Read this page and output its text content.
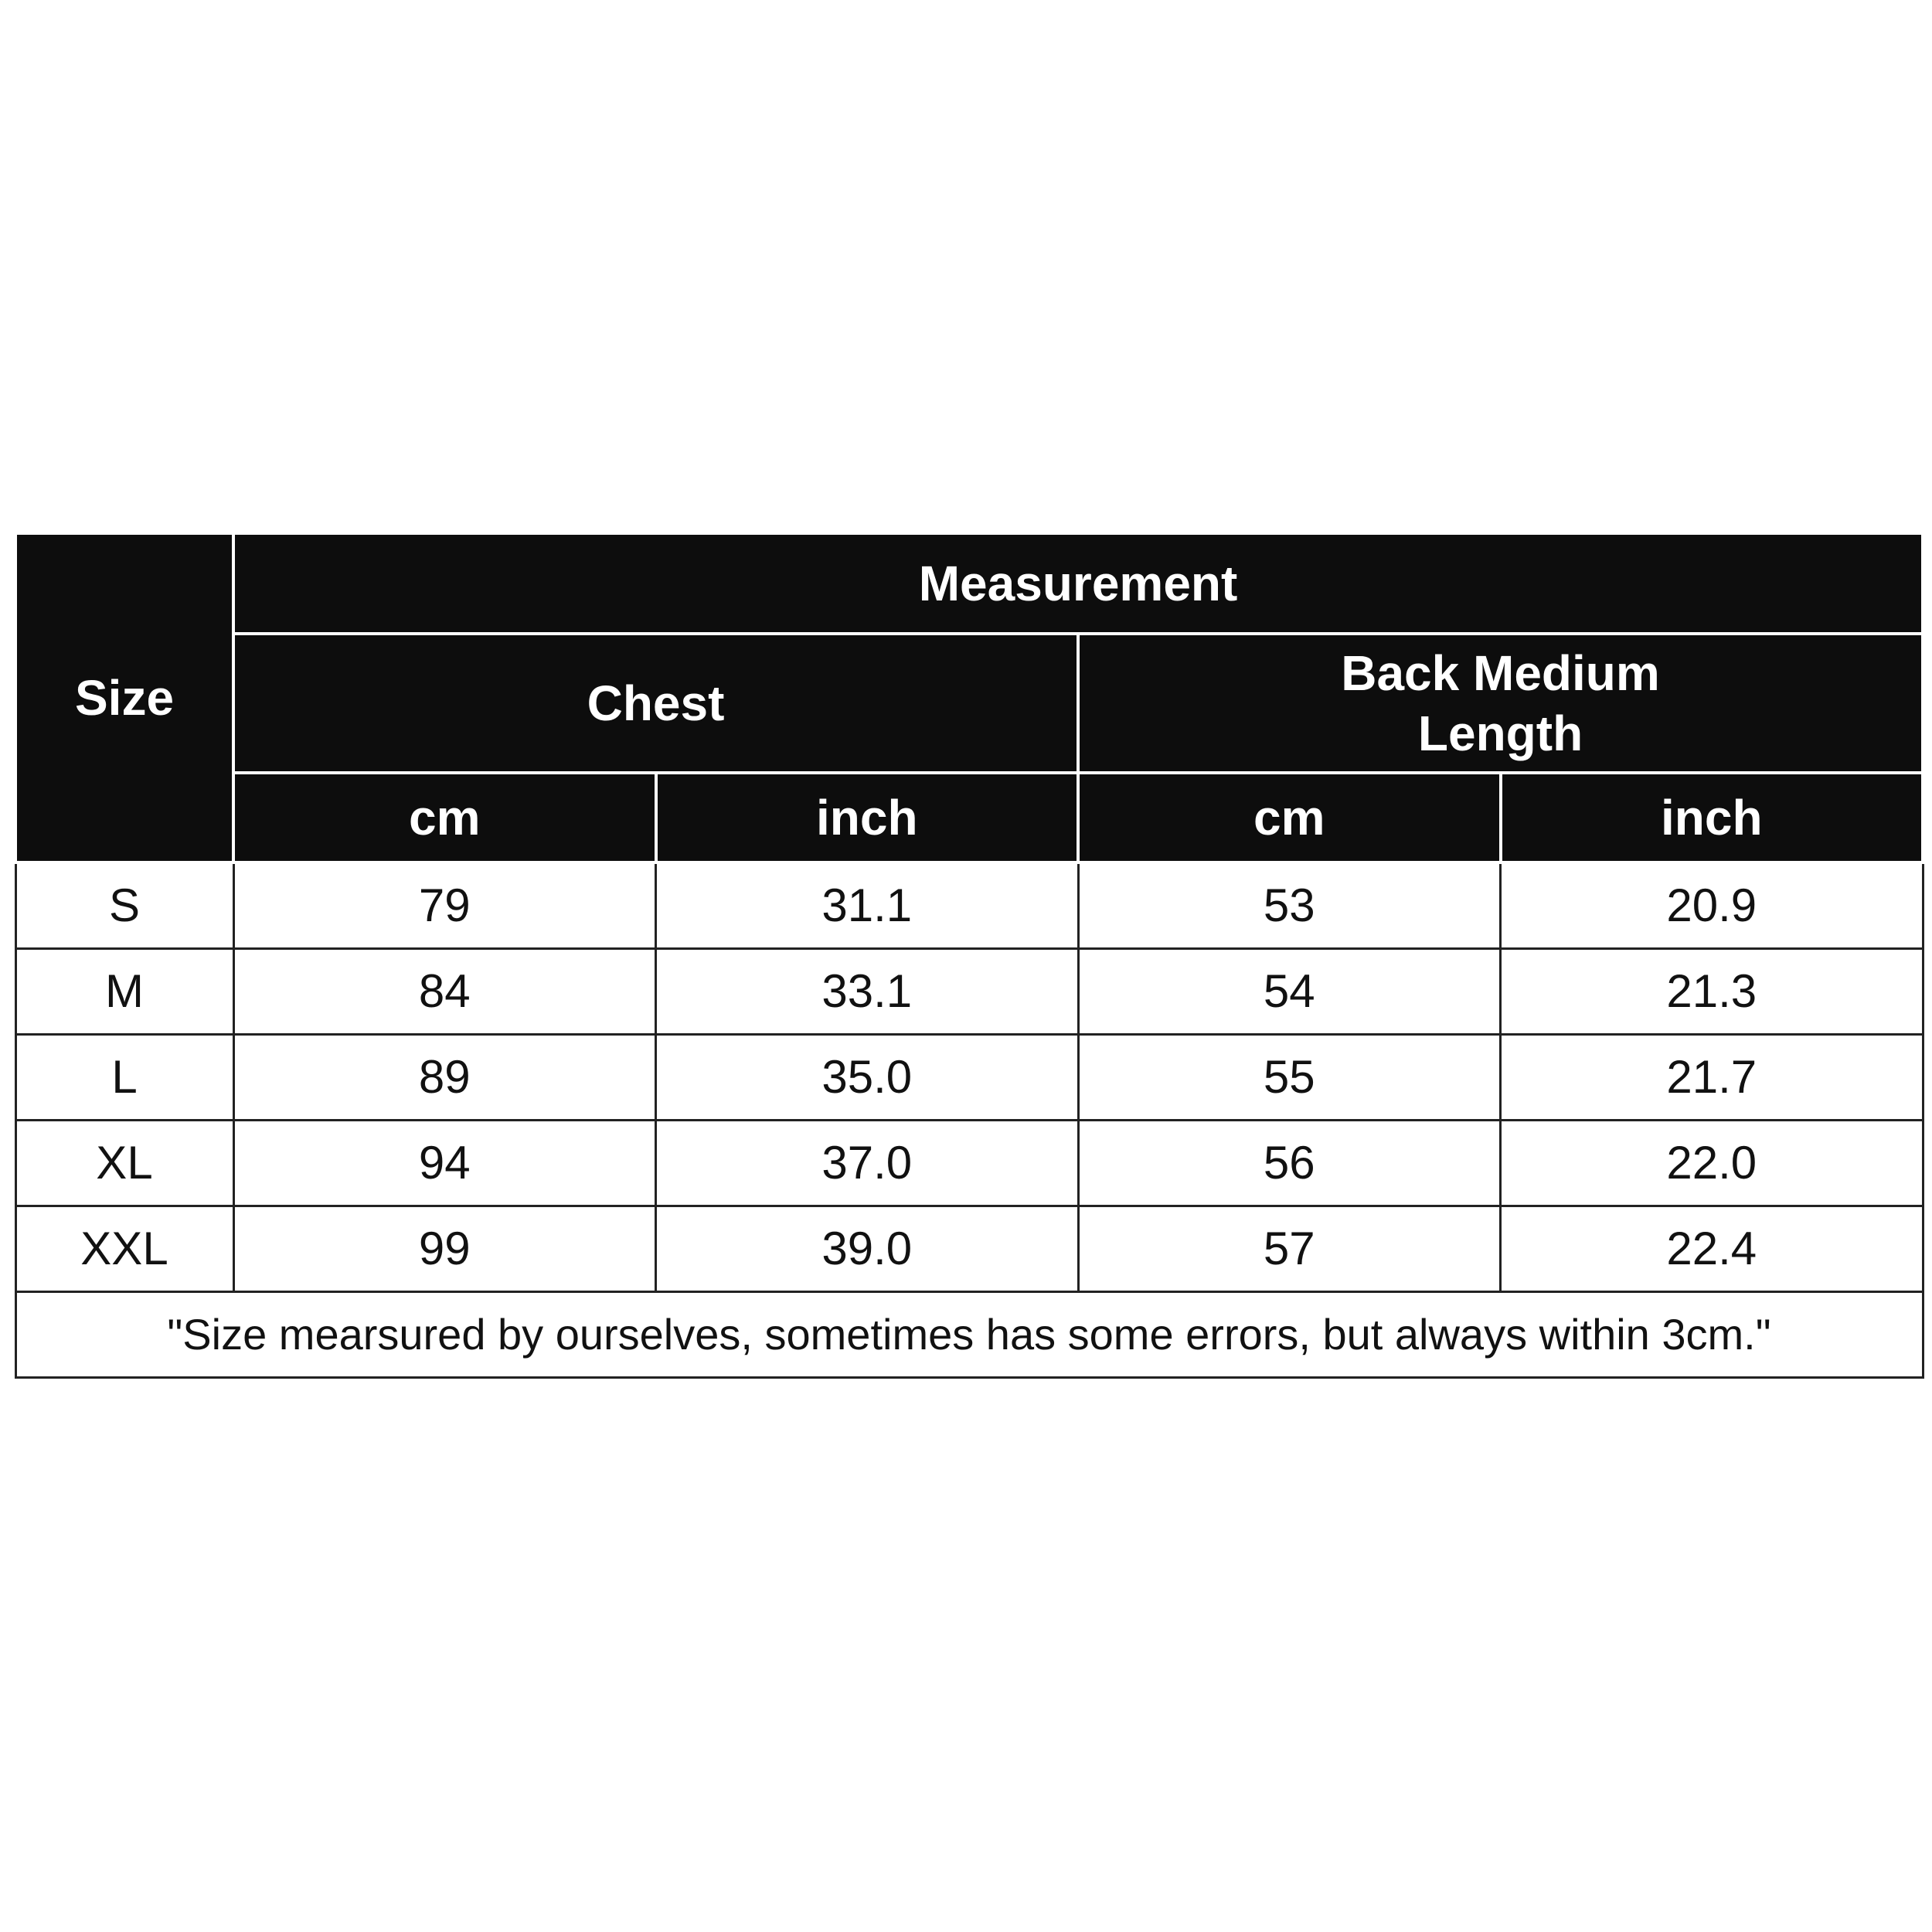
Size	Measurement			
	Chest		Back Medium
Length	
	cm	inch	cm	inch
S	79	31.1	53	20.9
M	84	33.1	54	21.3
L	89	35.0	55	21.7
XL	94	37.0	56	22.0
XXL	99	39.0	57	22.4
"Size mearsured by ourselves, sometimes has some errors, but always within 3cm."				
